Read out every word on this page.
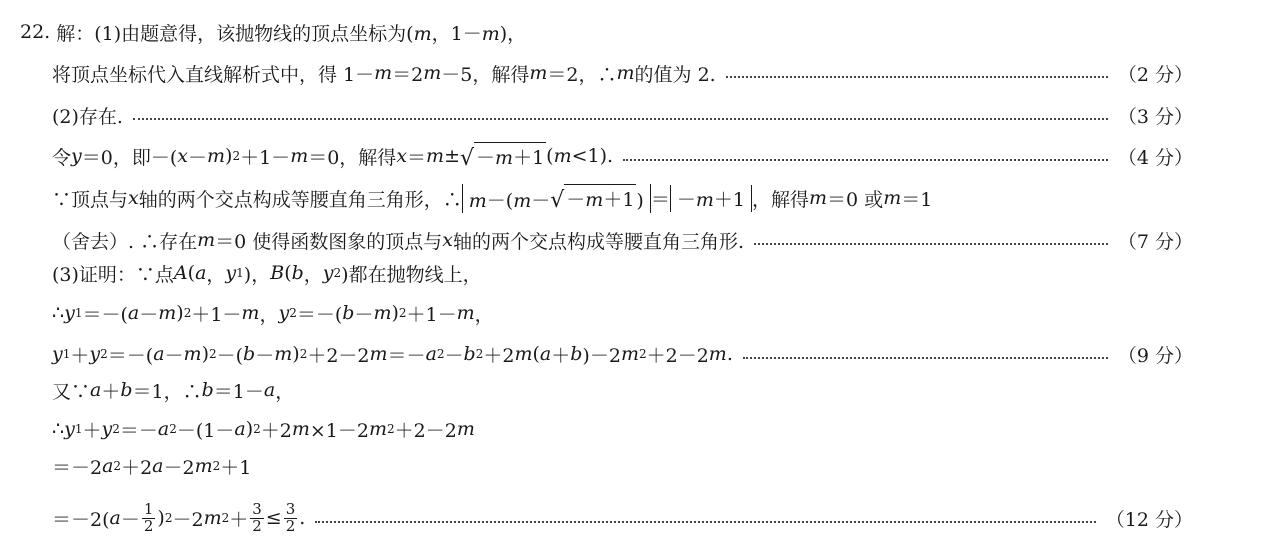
22. 解：(1)由题意得，该抛物线的顶点坐标为(m，1－m)，
将顶点坐标代入直线解析式中，得 1－ m ＝2 m －5，解得 m ＝2，∴ m 的值为 2.	（2 分）
(2)存在.	（3 分）
令 y ＝0，即－( x － m ) 2 ＋1－ m ＝0，解得 x ＝ m ± √ －m＋1 ( m <1).	（4 分）
∵顶点与 x 轴的两个交点构成等腰直角三角形，∴ m－(m－ √ －m＋1 ) ＝ －m＋1 ，解得 m ＝0 或 m ＝1
（舍去）. ∴存在 m ＝0 使得函数图象的顶点与 x 轴的两个交点构成等腰直角三角形.	（7 分）
(3)证明：∵点 A ( a ， y 1 )， B ( b ， y 2 )都在抛物线上，
∴ y 1 ＝－( a － m ) 2 ＋1－ m ， y 2 ＝－( b － m ) 2 ＋1－ m ，
y 1 ＋ y 2 ＝－( a － m ) 2 －( b － m ) 2 ＋2－2 m ＝－ a 2 － b 2 ＋2 m ( a ＋ b )－2 m 2 ＋2－2 m .	（9 分）
又∵ a ＋ b ＝1，∴ b ＝1－ a ，
∴ y 1 ＋ y 2 ＝－ a 2 －(1－ a ) 2 ＋2 m ×1－2 m 2 ＋2－2 m
＝－2 a 2 ＋2 a －2 m 2 ＋1
＝－2( $a - \frac{1}{2}$ ) 2 －2 m $2 + \frac{3}{2} \le \frac{3}{2}$ .	（12 分）
